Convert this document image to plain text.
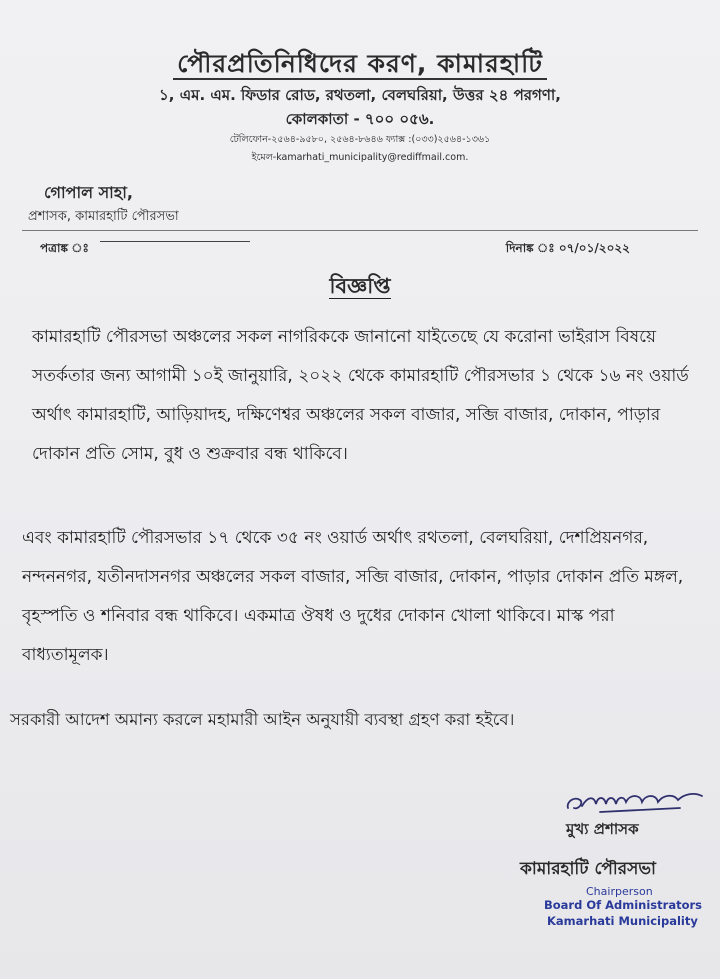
পৌরপ্রতিনিধিদের করণ, কামারহাটি
১, এম. এম. ফিডার রোড, রথতলা, বেলঘরিয়া, উত্তর ২৪ পরগণা,
কোলকাতা - ৭০০ ০৫৬.
টেলিফোন-২৫৬৪-৯৫৮০, ২৫৬৪-৮৬৪৬ ফ্যাক্স :(০৩৩)২৫৬৪-১৩৬১
ইমেল-kamarhati_municipality@rediffmail.com.
গোপাল সাহা,
প্রশাসক, কামারহাটি পৌরসভা
পত্রাঙ্ক ঃ	দিনাঙ্ক ঃ ০৭/০১/২০২২
বিজ্ঞপ্তি
কামারহাটি পৌরসভা অঞ্চলের সকল নাগরিককে জানানো যাইতেছে যে করোনা ভাইরাস বিষয়ে সতর্কতার জন্য আগামী ১০ই জানুয়ারি, ২০২২ থেকে কামারহাটি পৌরসভার ১ থেকে ১৬ নং ওয়ার্ড অর্থাৎ কামারহাটি, আড়িয়াদহ, দক্ষিণেশ্বর অঞ্চলের সকল বাজার, সব্জি বাজার, দোকান, পাড়ার দোকান প্রতি সোম, বুধ ও শুক্রবার বন্ধ থাকিবে।
এবং কামারহাটি পৌরসভার ১৭ থেকে ৩৫ নং ওয়ার্ড অর্থাৎ রথতলা, বেলঘরিয়া, দেশপ্রিয়নগর, নন্দননগর, যতীনদাসনগর অঞ্চলের সকল বাজার, সব্জি বাজার, দোকান, পাড়ার দোকান প্রতি মঙ্গল, বৃহস্পতি ও শনিবার বন্ধ থাকিবে। একমাত্র ঔষধ ও দুধের দোকান খোলা থাকিবে। মাস্ক পরা বাধ্যতামূলক।
সরকারী আদেশ অমান্য করলে মহামারী আইন অনুযায়ী ব্যবস্থা গ্রহণ করা হইবে।
মুখ্য প্রশাসক
কামারহাটি পৌরসভা
Chairperson
Board Of Administrators
Kamarhati Municipality
